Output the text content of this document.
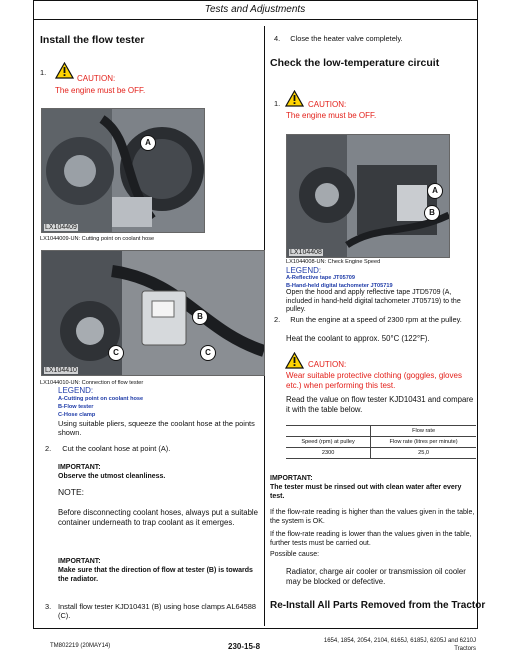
Tests and Adjustments
Install the flow tester
1.
CAUTION:
The engine must be OFF.
A
LX104409
LX1044009-UN: Cutting point on coolant hose
B
C	C
LX104410
LX1044010-UN: Connection of flow tester
LEGEND:
A-Cutting point on coolant hose
B-Flow tester
C-Hose clamp
Using suitable pliers, squeeze the coolant hose at the points shown.
2. Cut the coolant hose at point (A).
IMPORTANT:
Observe the utmost cleanliness.
NOTE:
Before disconnecting coolant hoses, always put a suitable container underneath to trap coolant as it emerges.
IMPORTANT:
Make sure that the direction of flow at tester (B) is towards the radiator.
3. Install flow tester KJD10431 (B) using hose clamps AL64588 (C).
4. Close the heater valve completely.
Check the low-temperature circuit
1.	CAUTION:
The engine must be OFF.
A
B
LX104408
LX1044008-UN: Check Engine Speed
LEGEND:
A-Reflective tape JT05709
B-Hand-held digital tachometer JT05719
Open the hood and apply reflective tape JTD5709 (A, included in hand-held digital tachometer JT05719) to the pulley.
2. Run the engine at a speed of 2300 rpm at the pulley.
Heat the coolant to approx. 50°C (122°F).
CAUTION:
Wear suitable protective clothing (goggles, gloves etc.) when performing this test.
Read the value on flow tester KJD10431 and compare it with the table below.
	Flow rate
Speed (rpm) at pulley	Flow rate (litres per minute)
2300	25,0
IMPORTANT:
The tester must be rinsed out with clean water after every test.
If the flow-rate reading is higher than the values given in the table, the system is OK.
If the flow-rate reading is lower than the values given in the table, further tests must be carried out.
Possible cause:
Radiator, charge air cooler or transmission oil cooler may be blocked or defective.
Re-Install All Parts Removed from the Tractor
TM802219 (20MAY14)	230-15-8
1654, 1854, 2054, 2104, 6165J, 6185J, 6205J and 6210J
Tractors
